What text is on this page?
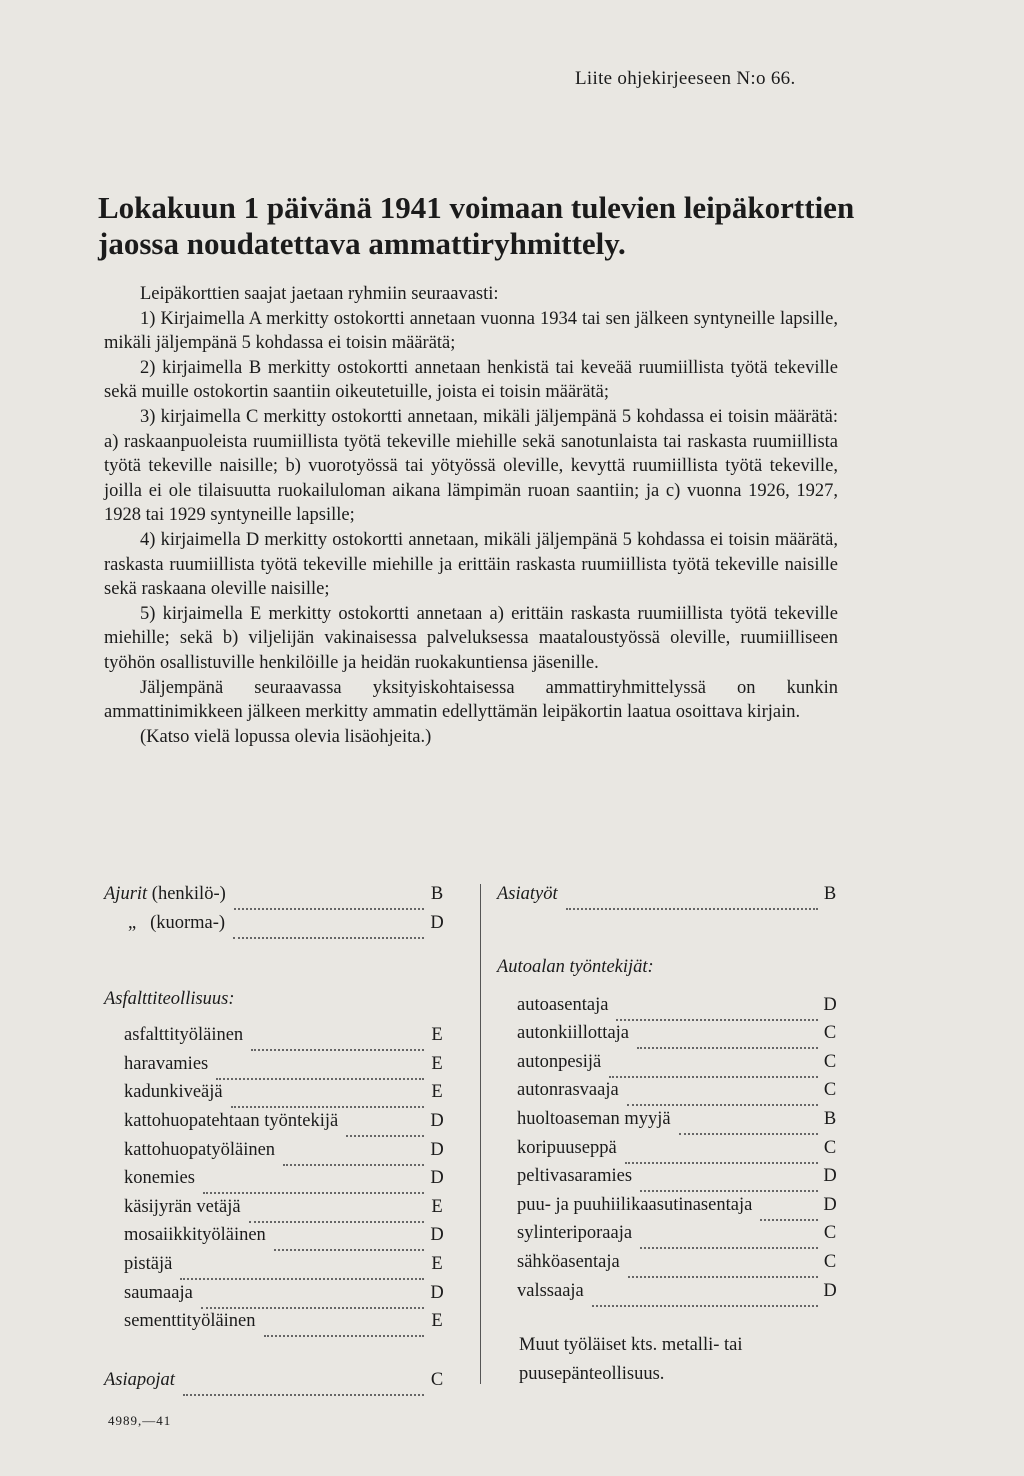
Liite ohjekirjeeseen N:o 66.
Lokakuun 1 päivänä 1941 voimaan tulevien leipäkorttien jaossa noudatettava ammattiryhmittely.

Leipäkorttien saajat jaetaan ryhmiin seuraavasti:

1) Kirjaimella A merkitty ostokortti annetaan vuonna 1934 tai sen jälkeen syntyneille lapsille, mikäli jäljempänä 5 kohdassa ei toisin määrätä;

2) kirjaimella B merkitty ostokortti annetaan henkistä tai keveää ruumiillista työtä tekeville sekä muille ostokortin saantiin oikeutetuille, joista ei toisin määrätä;

3) kirjaimella C merkitty ostokortti annetaan, mikäli jäljempänä 5 kohdassa ei toisin määrätä: a) raskaanpuoleista ruumiillista työtä tekeville miehille sekä sanotunlaista tai raskasta ruumiillista työtä tekeville naisille; b) vuorotyössä tai yötyössä oleville, kevyttä ruumiillista työtä tekeville, joilla ei ole tilaisuutta ruokailuloman aikana lämpimän ruoan saantiin; ja c) vuonna 1926, 1927, 1928 tai 1929 syntyneille lapsille;

4) kirjaimella D merkitty ostokortti annetaan, mikäli jäljempänä 5 kohdassa ei toisin määrätä, raskasta ruumiillista työtä tekeville miehille ja erittäin raskasta ruumiillista työtä tekeville naisille sekä raskaana oleville naisille;

5) kirjaimella E merkitty ostokortti annetaan a) erittäin raskasta ruumiillista työtä tekeville miehille; sekä b) viljelijän vakinaisessa palveluksessa maataloustyössä oleville, ruumiilliseen työhön osallistuville henkilöille ja heidän ruokakuntiensa jäsenille.

Jäljempänä seuraavassa yksityiskohtaisessa ammattiryhmittelyssä on kunkin ammattinimikkeen jälkeen merkitty ammatin edellyttämän leipäkortin laatua osoittava kirjain.

(Katso vielä lopussa olevia lisäohjeita.)

Ajurit (henkilö-)	B
„ (kuorma-)	D
Asfalttiteollisuus:
asfalttityöläinen	E
haravamies	E
kadunkiveäjä	E
kattohuopatehtaan työntekijä	D
kattohuopatyöläinen	D
konemies	D
käsijyrän vetäjä	E
mosaiikkityöläinen	D
pistäjä	E
saumaaja	D
sementtityöläinen	E
Asiapojat	C
Asiatyöt	B
Autoalan työntekijät:
autoasentaja	D
autonkiillottaja	C
autonpesijä	C
autonrasvaaja	C
huoltoaseman myyjä	B
koripuuseppä	C
peltivasaramies	D
puu- ja puuhiilikaasutinasentaja	D
sylinteriporaaja	C
sähköasentaja	C
valssaaja	D
Muut työläiset kts. metalli- tai puusepänteollisuus.
4989,—41
